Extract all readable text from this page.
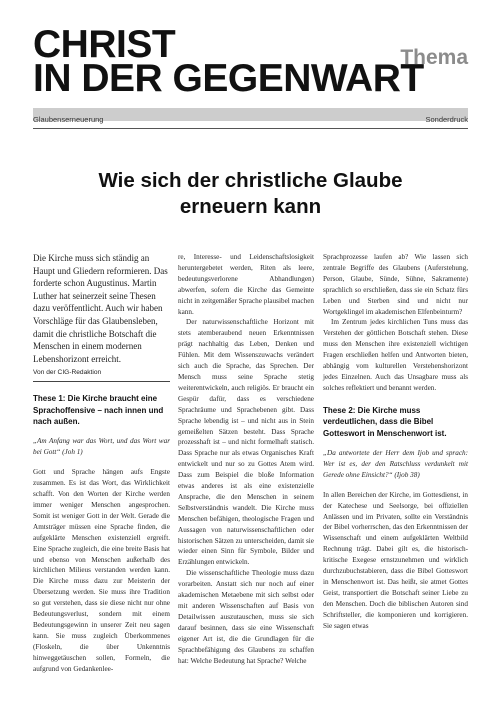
CHRIST
IN DER GEGENWART
Thema
Glaubenserneuerung	Sonderdruck
Wie sich der christliche Glaube
erneuern kann

Die Kirche muss sich ständig an Haupt und Gliedern reformieren. Das forderte schon Augustinus. Martin Luther hat seinerzeit seine Thesen dazu veröffentlicht. Auch wir haben Vorschläge für das Glaubensleben, damit die christliche Botschaft die Menschen in einem modernen Lebenshorizont erreicht.

Von der CIG-Redaktion
These 1: Die Kirche braucht eine Sprachoffensive – nach innen und nach außen.

„Am Anfang war das Wort, und das Wort war bei Gott“ (Joh 1)

Gott und Sprache hängen aufs Engste zusammen. Es ist das Wort, das Wirklichkeit schafft. Von den Worten der Kirche werden immer weniger Menschen angesprochen. Somit ist weniger Gott in der Welt. Gerade die Amtsträger müssen eine Sprache finden, die aufgeklärte Menschen existenziell ergreift. Eine Sprache zugleich, die eine breite Basis hat und ebenso von Menschen außerhalb des kirchlichen Milieus verstanden werden kann. Die Kirche muss dazu zur Meisterin der Übersetzung werden. Sie muss ihre Tradition so gut verstehen, dass sie diese nicht nur ohne Bedeutungsverlust, sondern mit einem Bedeutungsgewinn in unserer Zeit neu sagen kann. Sie muss zugleich Überkommenes (Floskeln, die über Unkenntnis hinweggetäuschen sollen, Formeln, die aufgrund von Gedankenlee-

re, Interesse- und Leidenschaftslosigkeit heruntergebetet werden, Riten als leere, bedeutungsverlorene Abhandlungen) abwerfen, sofern die Kirche das Gemeinte nicht in zeitgemäßer Sprache plausibel machen kann.

Der naturwissenschaftliche Horizont mit stets atemberaubend neuen Erkenntnissen prägt nachhaltig das Leben, Denken und Fühlen. Mit dem Wissenszuwachs verändert sich auch die Sprache, das Sprechen. Der Mensch muss seine Sprache stetig weiterentwickeln, auch religiös. Er braucht ein Gespür dafür, dass es verschiedene Sprachräume und Sprachebenen gibt. Dass Sprache lebendig ist – und nicht aus in Stein gemeißelten Sätzen besteht. Dass Sprache prozesshaft ist – und nicht formelhaft statisch. Dass Sprache nur als etwas Organisches Kraft entwickelt und nur so zu Gottes Atem wird. Dass zum Beispiel die bloße Information etwas anderes ist als eine existenzielle Ansprache, die den Menschen in seinem Selbstverständnis wandelt. Die Kirche muss Menschen befähigen, theologische Fragen und Aussagen von naturwissenschaftlichen oder historischen Sätzen zu unterscheiden, damit sie wieder einen Sinn für Symbole, Bilder und Erzählungen entwickeln.

Die wissenschaftliche Theologie muss dazu vorarbeiten. Anstatt sich nur noch auf einer akademischen Metaebene mit sich selbst oder mit anderen Wissenschaften auf Basis von Detailwissen auszutauschen, muss sie sich darauf besinnen, dass sie eine Wissenschaft eigener Art ist, die die Grundlagen für die Sprachbefähigung des Glaubens zu schaffen hat: Welche Bedeutung hat Sprache? Welche

Sprachprozesse laufen ab? Wie lassen sich zentrale Begriffe des Glaubens (Auferstehung, Person, Glaube, Sünde, Sühne, Sakramente) sprachlich so erschließen, dass sie ein Schatz fürs Leben und Sterben sind und nicht nur Wortgeklingel im akademischen Elfenbeinturm?

Im Zentrum jedes kirchlichen Tuns muss das Verstehen der göttlichen Botschaft stehen. Diese muss den Menschen ihre existenziell wichtigen Fragen erschließen helfen und Antworten bieten, abhängig vom kulturellen Verstehenshorizont jedes Einzelnen. Auch das Unsagbare muss als solches reflektiert und benannt werden.

These 2: Die Kirche muss verdeutlichen, dass die Bibel Gotteswort in Menschenwort ist.

„Da antwortete der Herr dem Ijob und sprach: Wer ist es, der den Ratschluss verdunkelt mit Gerede ohne Einsicht?“ (Ijob 38)

In allen Bereichen der Kirche, im Gottesdienst, in der Katechese und Seelsorge, bei offiziellen Anlässen und im Privaten, sollte ein Verständnis der Bibel vorherrschen, das den Erkenntnissen der Wissenschaft und einem aufgeklärten Weltbild Rechnung trägt. Dabei gilt es, die historisch-kritische Exegese ernstzunehmen und wirklich durchzubuchstabieren, dass die Bibel Gotteswort in Menschenwort ist. Das heißt, sie atmet Gottes Geist, transportiert die Botschaft seiner Liebe zu den Menschen. Doch die biblischen Autoren sind Schriftsteller, die komponieren und korrigieren. Sie sagen etwas
